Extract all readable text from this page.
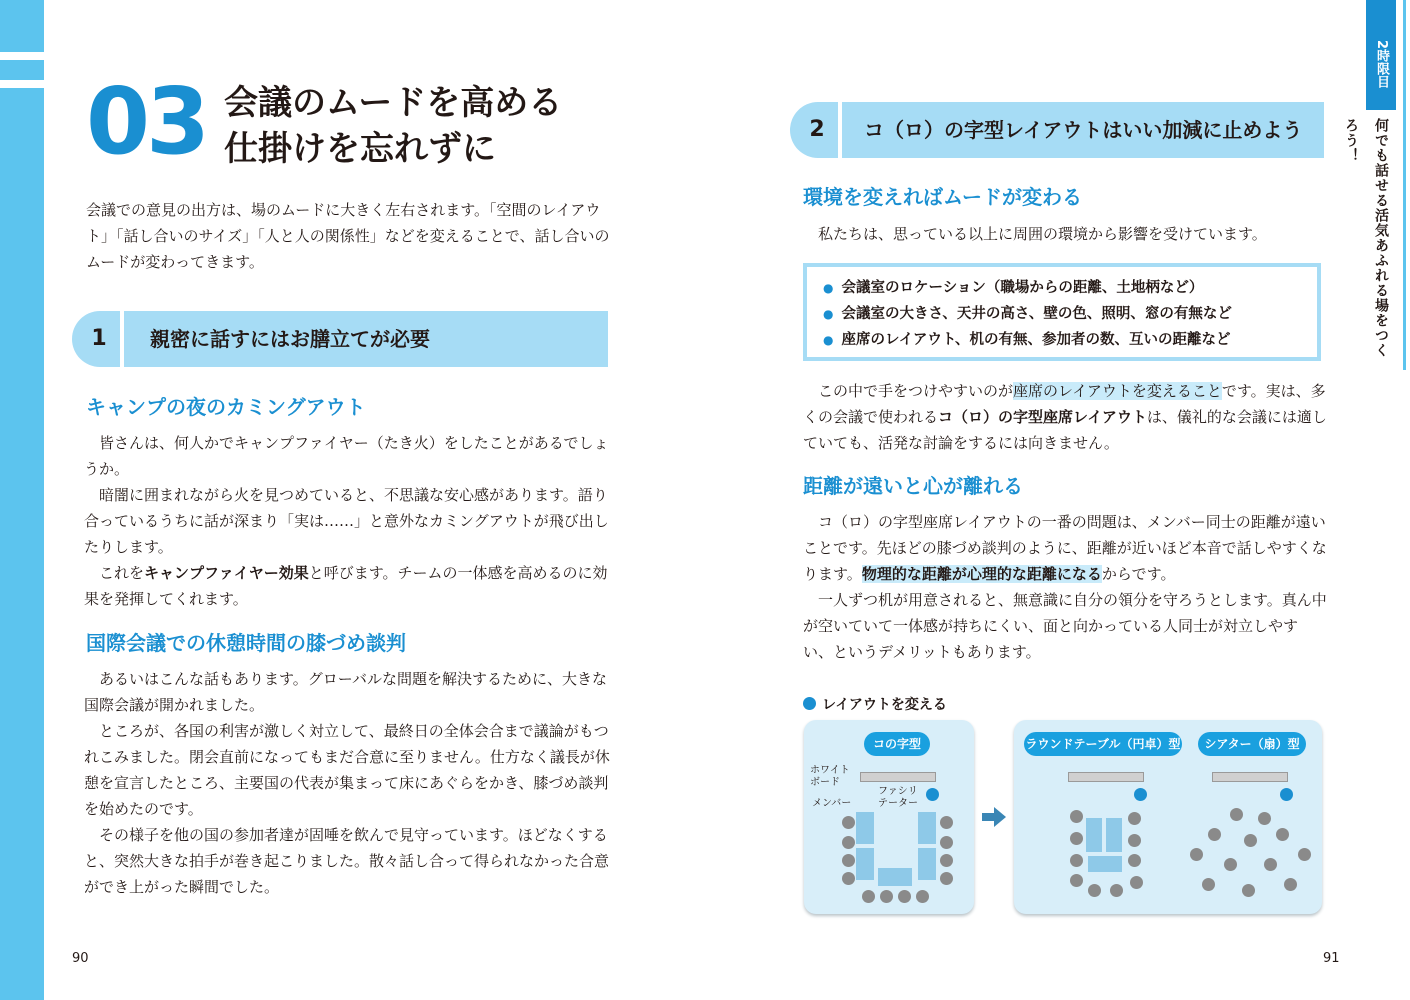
2時限目
何でも話せる活気あふれる場をつくろう！
03 会議のムードを高める
仕掛けを忘れずに
会議での意見の出方は、場のムードに大きく左右されます。「空間のレイアウト」「話し合いのサイズ」「人と人の関係性」などを変えることで、話し合いのムードが変わってきます。
1	親密に話すにはお膳立てが必要
キャンプの夜のカミングアウト

皆さんは、何人かでキャンプファイヤー（たき火）をしたことがあるでしょうか。

暗闇に囲まれながら火を見つめていると、不思議な安心感があります。語り合っているうちに話が深まり「実は……」と意外なカミングアウトが飛び出したりします。

これをキャンプファイヤー効果と呼びます。チームの一体感を高めるのに効果を発揮してくれます。

国際会議での休憩時間の膝づめ談判

あるいはこんな話もあります。グローバルな問題を解決するために、大きな国際会議が開かれました。

ところが、各国の利害が激しく対立して、最終日の全体会合まで議論がもつれこみました。閉会直前になってもまだ合意に至りません。仕方なく議長が休憩を宣言したところ、主要国の代表が集まって床にあぐらをかき、膝づめ談判を始めたのです。

その様子を他の国の参加者達が固唾を飲んで見守っています。ほどなくすると、突然大きな拍手が巻き起こりました。散々話し合って得られなかった合意ができ上がった瞬間でした。

2	コ（ロ）の字型レイアウトはいい加減に止めよう
環境を変えればムードが変わる

私たちは、思っている以上に周囲の環境から影響を受けています。

● 会議室のロケーション（職場からの距離、土地柄など）
● 会議室の大きさ、天井の高さ、壁の色、照明、窓の有無など
● 座席のレイアウト、机の有無、参加者の数、互いの距離など

この中で手をつけやすいのが座席のレイアウトを変えることです。実は、多くの会議で使われるコ（ロ）の字型座席レイアウトは、儀礼的な会議には適していても、活発な討論をするには向きません。

距離が遠いと心が離れる

コ（ロ）の字型座席レイアウトの一番の問題は、メンバー同士の距離が遠いことです。先ほどの膝づめ談判のように、距離が近いほど本音で話しやすくなります。物理的な距離が心理的な距離になるからです。

一人ずつ机が用意されると、無意識に自分の領分を守ろうとします。真ん中が空いていて一体感が持ちにくい、面と向かっている人同士が対立しやすい、というデメリットもあります。

レイアウトを変える
コの字型
ホワイト
ボード
ファシリ
テーター
メンバー
ラウンドテーブル（円卓）型	シアター（扇）型
90	91
